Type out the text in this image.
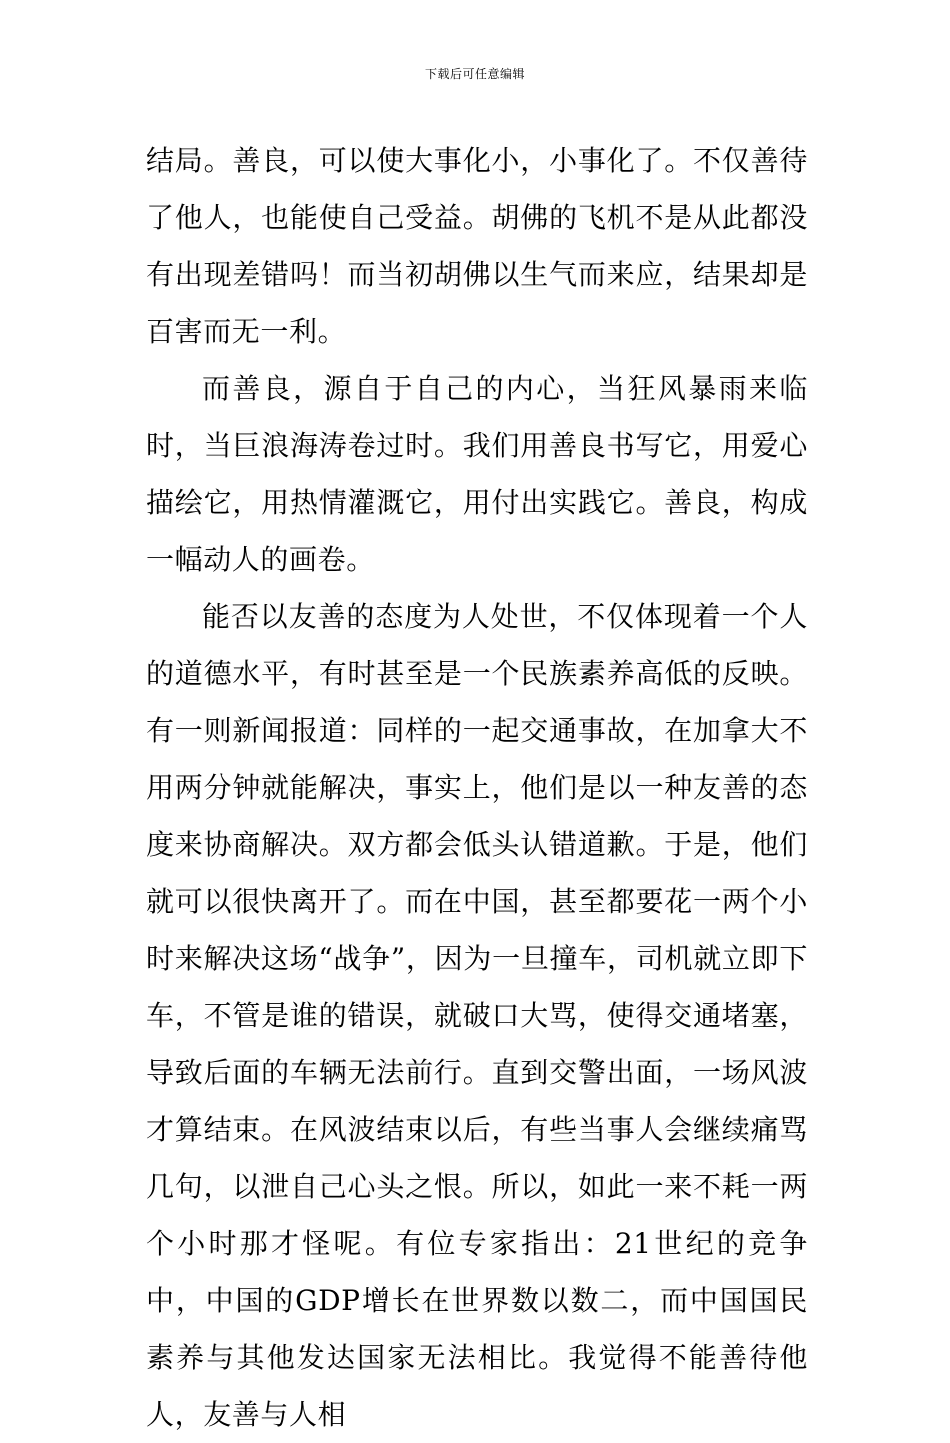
下载后可任意编辑

结局。善良，可以使大事化小，小事化了。不仅善待了他人，也能使自己受益。胡佛的飞机不是从此都没有出现差错吗！而当初胡佛以生气而来应，结果却是百害而无一利。

而善良，源自于自己的内心，当狂风暴雨来临时，当巨浪海涛卷过时。我们用善良书写它，用爱心描绘它，用热情灌溉它，用付出实践它。善良，构成一幅动人的画卷。

能否以友善的态度为人处世，不仅体现着一个人的道德水平，有时甚至是一个民族素养高低的反映。有一则新闻报道：同样的一起交通事故，在加拿大不用两分钟就能解决，事实上，他们是以一种友善的态度来协商解决。双方都会低头认错道歉。于是，他们就可以很快离开了。而在中国，甚至都要花一两个小时来解决这场“战争”，因为一旦撞车，司机就立即下车，不管是谁的错误，就破口大骂，使得交通堵塞，导致后面的车辆无法前行。直到交警出面，一场风波才算结束。在风波结束以后，有些当事人会继续痛骂几句，以泄自己心头之恨。所以，如此一来不耗一两个小时那才怪呢。有位专家指出：21世纪的竞争中，中国的GDP增长在世界数以数二，而中国国民素养与其他发达国家无法相比。我觉得不能善待他人，友善与人相
